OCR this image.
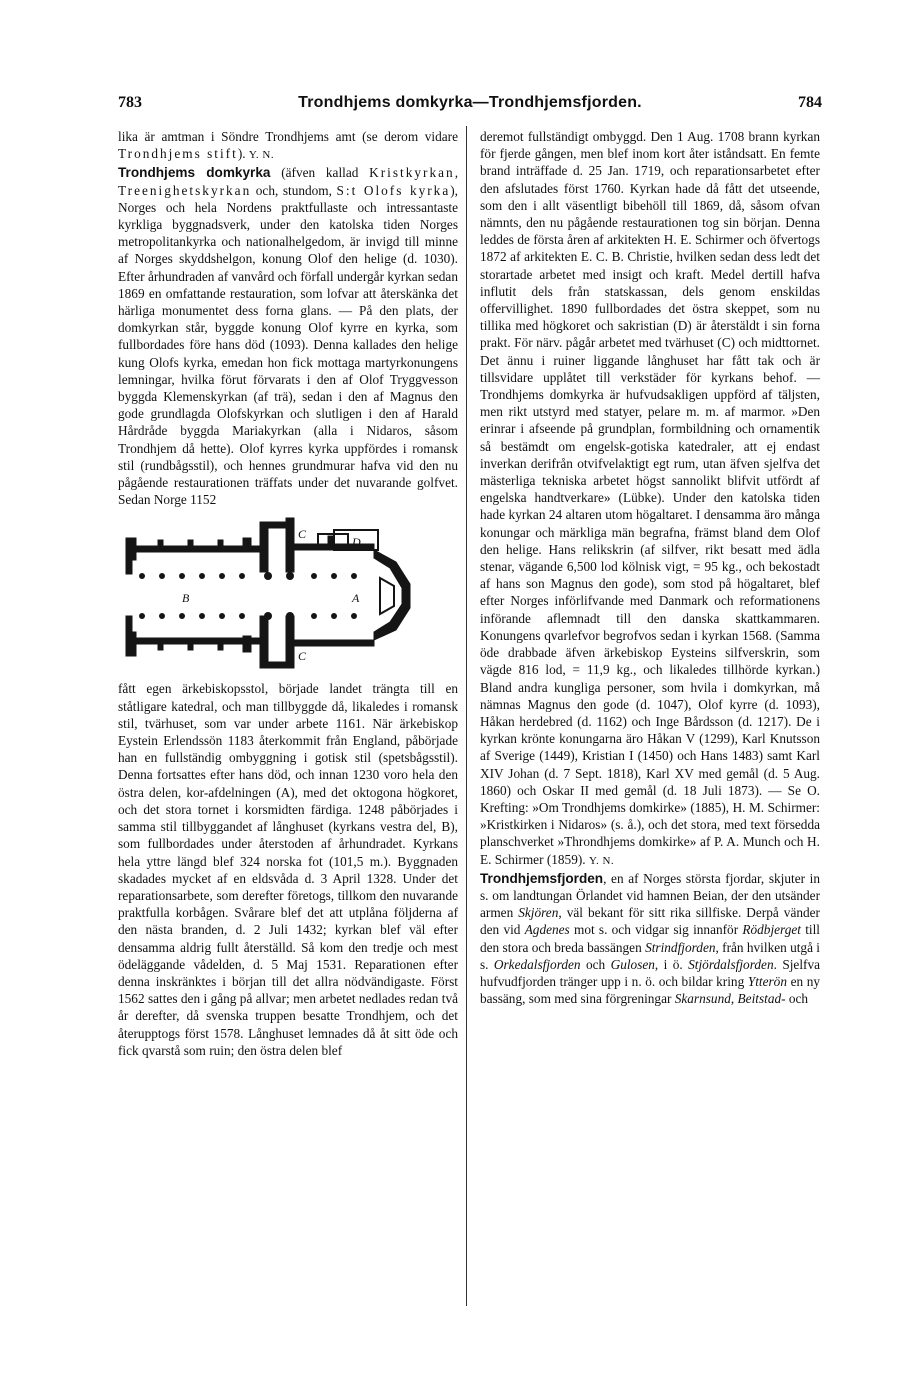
783	Trondhjems domkyrka—Trondhjemsfjorden.	784

lika är amtman i Söndre Trondhjems amt (se derom vidare Trondhjems stift). Y. N.

Trondhjems domkyrka (äfven kallad Kristkyrkan, Treenighetskyrkan och, stundom, S:t Olofs kyrka), Norges och hela Nordens praktfullaste och intressantaste kyrkliga byggnadsverk, under den katolska tiden Norges metropolitankyrka och nationalhelgedom, är invigd till minne af Norges skyddshelgon, konung Olof den helige (d. 1030). Efter århundraden af vanvård och förfall undergår kyrkan sedan 1869 en omfattande restauration, som lofvar att återskänka det härliga monumentet dess forna glans. — På den plats, der domkyrkan står, byggde konung Olof kyrre en kyrka, som fullbordades före hans död (1093). Denna kallades den helige kung Olofs kyrka, emedan hon fick mottaga martyrkonungens lemningar, hvilka förut förvarats i den af Olof Tryggvesson byggda Klemenskyrkan (af trä), sedan i den af Magnus den gode grundlagda Olofskyrkan och slutligen i den af Harald Hårdråde byggda Mariakyrkan (alla i Nidaros, såsom Trondhjem då hette). Olof kyrres kyrka uppfördes i romansk stil (rundbågsstil), och hennes grundmurar hafva vid den nu pågående restaurationen träffats under det nuvarande golfvet. Sedan Norge 1152

B
C
C
D
A

fått egen ärkebiskopsstol, började landet trängta till en ståtligare katedral, och man tillbyggde då, likaledes i romansk stil, tvärhuset, som var under arbete 1161. När ärkebiskop Eystein Erlendssön 1183 återkommit från England, påbörjade han en fullständig ombyggning i gotisk stil (spetsbågsstil). Denna fortsattes efter hans död, och innan 1230 voro hela den östra delen, kor-afdelningen (A), med det oktogona högkoret, och det stora tornet i korsmidten färdiga. 1248 påbörjades i samma stil tillbyggandet af långhuset (kyrkans vestra del, B), som fullbordades under återstoden af århundradet. Kyrkans hela yttre längd blef 324 norska fot (101,5 m.). Byggnaden skadades mycket af en eldsvåda d. 3 April 1328. Under det reparationsarbete, som derefter företogs, tillkom den nuvarande praktfulla korbågen. Svårare blef det att utplåna följderna af den nästa branden, d. 2 Juli 1432; kyrkan blef väl efter densamma aldrig fullt återställd. Så kom den tredje och mest ödeläggande vådelden, d. 5 Maj 1531. Reparationen efter denna inskränktes i början till det allra nödvändigaste. Först 1562 sattes den i gång på allvar; men arbetet nedlades redan två år derefter, då svenska truppen besatte Trondhjem, och det återupptogs först 1578. Långhuset lemnades då åt sitt öde och fick qvarstå som ruin; den östra delen blef

deremot fullständigt ombyggd. Den 1 Aug. 1708 brann kyrkan för fjerde gången, men blef inom kort åter iståndsatt. En femte brand inträffade d. 25 Jan. 1719, och reparationsarbetet efter den afslutades först 1760. Kyrkan hade då fått det utseende, som den i allt väsentligt bibehöll till 1869, då, såsom ofvan nämnts, den nu pågående restaurationen tog sin början. Denna leddes de första åren af arkitekten H. E. Schirmer och öfvertogs 1872 af arkitekten E. C. B. Christie, hvilken sedan dess ledt det storartade arbetet med insigt och kraft. Medel dertill hafva influtit dels från statskassan, dels genom enskildas offervillighet. 1890 fullbordades det östra skeppet, som nu tillika med högkoret och sakristian (D) är återstäldt i sin forna prakt. För närv. pågår arbetet med tvärhuset (C) och midttornet. Det ännu i ruiner liggande långhuset har fått tak och är tillsvidare upplåtet till verkstäder för kyrkans behof. — Trondhjems domkyrka är hufvudsakligen uppförd af täljsten, men rikt utstyrd med statyer, pelare m. m. af marmor. »Den erinrar i afseende på grundplan, formbildning och ornamentik så bestämdt om engelsk-gotiska katedraler, att ej endast inverkan derifrån otvifvelaktigt egt rum, utan äfven sjelfva det mästerliga tekniska arbetet högst sannolikt blifvit utfördt af engelska handtverkare» (Lübke). Under den katolska tiden hade kyrkan 24 altaren utom högaltaret. I densamma äro många konungar och märkliga män begrafna, främst bland dem Olof den helige. Hans relikskrin (af silfver, rikt besatt med ädla stenar, vägande 6,500 lod kölnisk vigt, = 95 kg., och bekostadt af hans son Magnus den gode), som stod på högaltaret, blef efter Norges införlifvande med Danmark och reformationens införande aflemnadt till den danska skattkammaren. Konungens qvarlefvor begrofvos sedan i kyrkan 1568. (Samma öde drabbade äfven ärkebiskop Eysteins silfverskrin, som vägde 816 lod, = 11,9 kg., och likaledes tillhörde kyrkan.) Bland andra kungliga personer, som hvila i domkyrkan, må nämnas Magnus den gode (d. 1047), Olof kyrre (d. 1093), Håkan herdebred (d. 1162) och Inge Bårdsson (d. 1217). De i kyrkan krönte konungarna äro Håkan V (1299), Karl Knutsson af Sverige (1449), Kristian I (1450) och Hans 1483) samt Karl XIV Johan (d. 7 Sept. 1818), Karl XV med gemål (d. 5 Aug. 1860) och Oskar II med gemål (d. 18 Juli 1873). — Se O. Krefting: »Om Trondhjems domkirke» (1885), H. M. Schirmer: »Kristkirken i Nidaros» (s. å.), och det stora, med text försedda planschverket »Throndhjems domkirke» af P. A. Munch och H. E. Schirmer (1859). Y. N.

Trondhjemsfjorden, en af Norges största fjordar, skjuter in s. om landtungan Örlandet vid hamnen Beian, der den utsänder armen Skjören, väl bekant för sitt rika sillfiske. Derpå vänder den vid Agdenes mot s. och vidgar sig innanför Rödbjerget till den stora och breda bassängen Strindfjorden, från hvilken utgå i s. Orkedalsfjorden och Gulosen, i ö. Stjördalsfjorden. Sjelfva hufvudfjorden tränger upp i n. ö. och bildar kring Ytterön en ny bassäng, som med sina förgreningar Skarnsund, Beitstad- och
